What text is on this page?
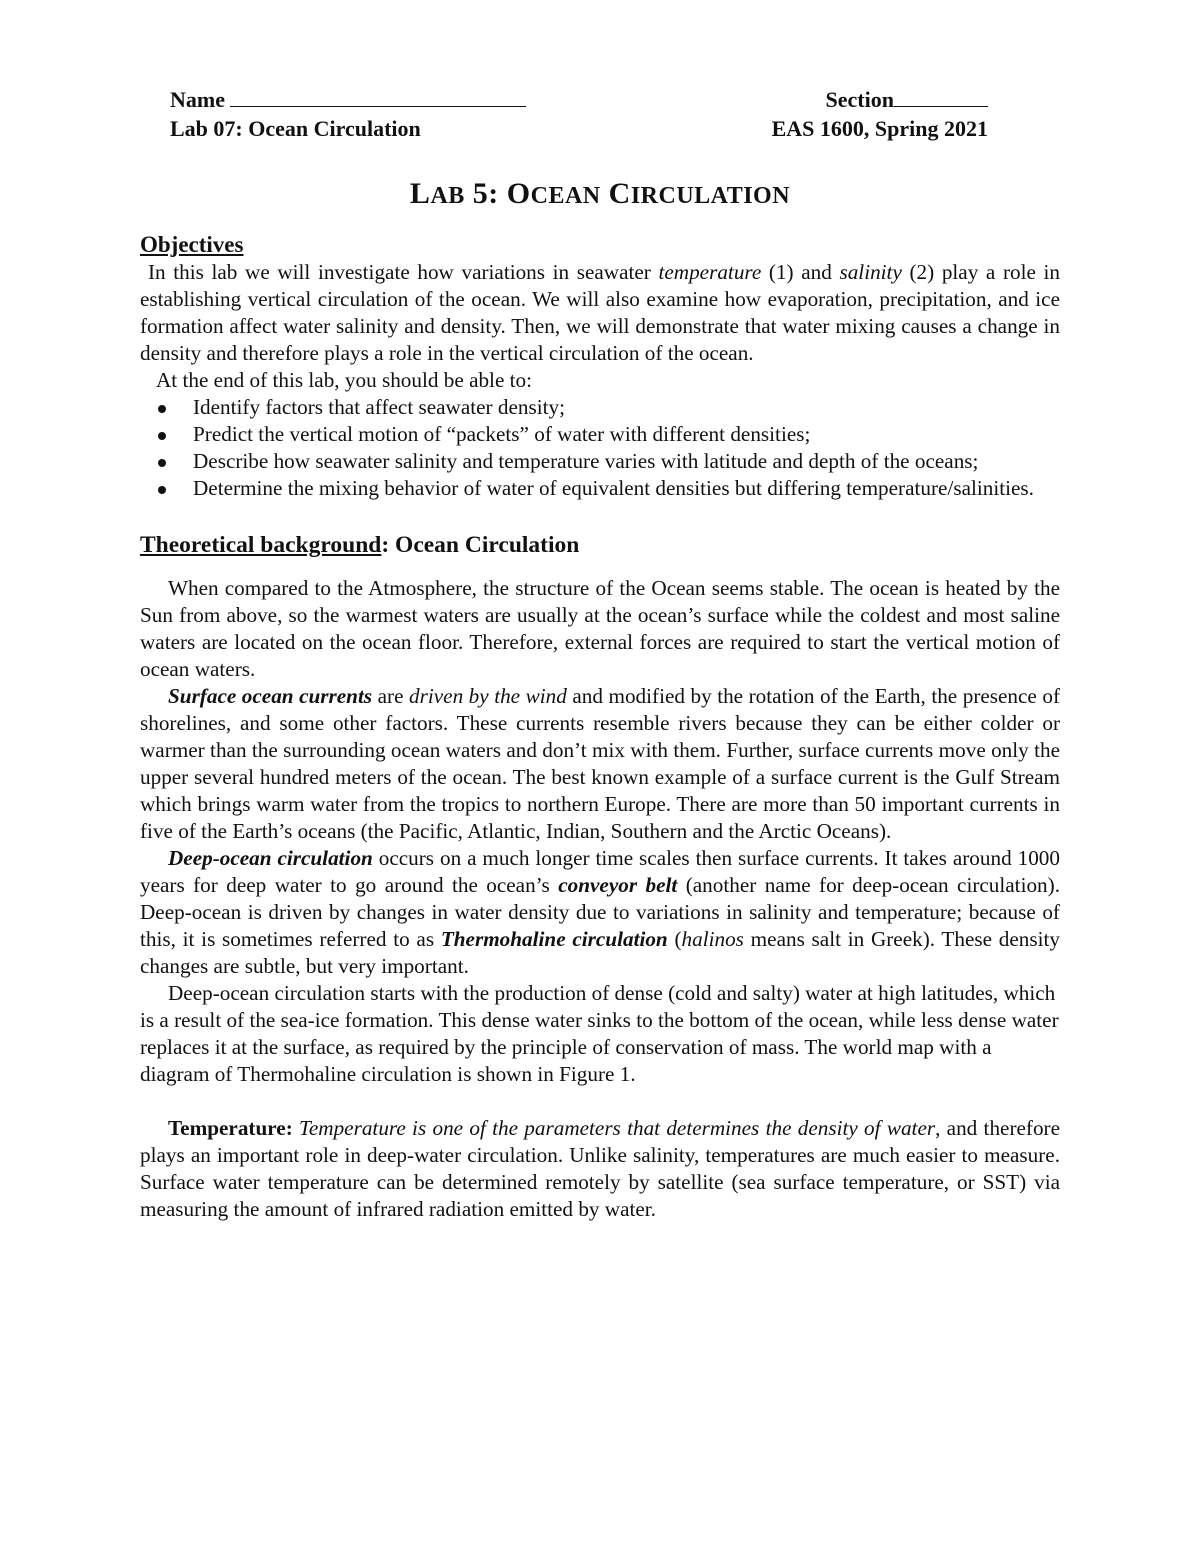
Name	Section
Lab 07: Ocean Circulation	EAS 1600, Spring 2021
LAB 5: OCEAN CIRCULATION
Objectives

In this lab we will investigate how variations in seawater temperature (1) and salinity (2) play a role in establishing vertical circulation of the ocean. We will also examine how evaporation, precipitation, and ice formation affect water salinity and density. Then, we will demonstrate that water mixing causes a change in density and therefore plays a role in the vertical circulation of the ocean.

At the end of this lab, you should be able to:

Identify factors that affect seawater density;
Predict the vertical motion of “packets” of water with different densities;
Describe how seawater salinity and temperature varies with latitude and depth of the oceans;
Determine the mixing behavior of water of equivalent densities but differing temperature/salinities.
Theoretical background: Ocean Circulation

When compared to the Atmosphere, the structure of the Ocean seems stable. The ocean is heated by the Sun from above, so the warmest waters are usually at the ocean’s surface while the coldest and most saline waters are located on the ocean floor. Therefore, external forces are required to start the vertical motion of ocean waters.

Surface ocean currents are driven by the wind and modified by the rotation of the Earth, the presence of shorelines, and some other factors. These currents resemble rivers because they can be either colder or warmer than the surrounding ocean waters and don’t mix with them. Further, surface currents move only the upper several hundred meters of the ocean. The best known example of a surface current is the Gulf Stream which brings warm water from the tropics to northern Europe. There are more than 50 important currents in five of the Earth’s oceans (the Pacific, Atlantic, Indian, Southern and the Arctic Oceans).

Deep-ocean circulation occurs on a much longer time scales then surface currents. It takes around 1000 years for deep water to go around the ocean’s conveyor belt (another name for deep-ocean circulation). Deep-ocean is driven by changes in water density due to variations in salinity and temperature; because of this, it is sometimes referred to as Thermohaline circulation (halinos means salt in Greek). These density changes are subtle, but very important.

Deep-ocean circulation starts with the production of dense (cold and salty) water at high latitudes, which is a result of the sea-ice formation. This dense water sinks to the bottom of the ocean, while less dense water replaces it at the surface, as required by the principle of conservation of mass. The world map with a diagram of Thermohaline circulation is shown in Figure 1.

Temperature: Temperature is one of the parameters that determines the density of water, and therefore plays an important role in deep-water circulation. Unlike salinity, temperatures are much easier to measure. Surface water temperature can be determined remotely by satellite (sea surface temperature, or SST) via measuring the amount of infrared radiation emitted by water.
